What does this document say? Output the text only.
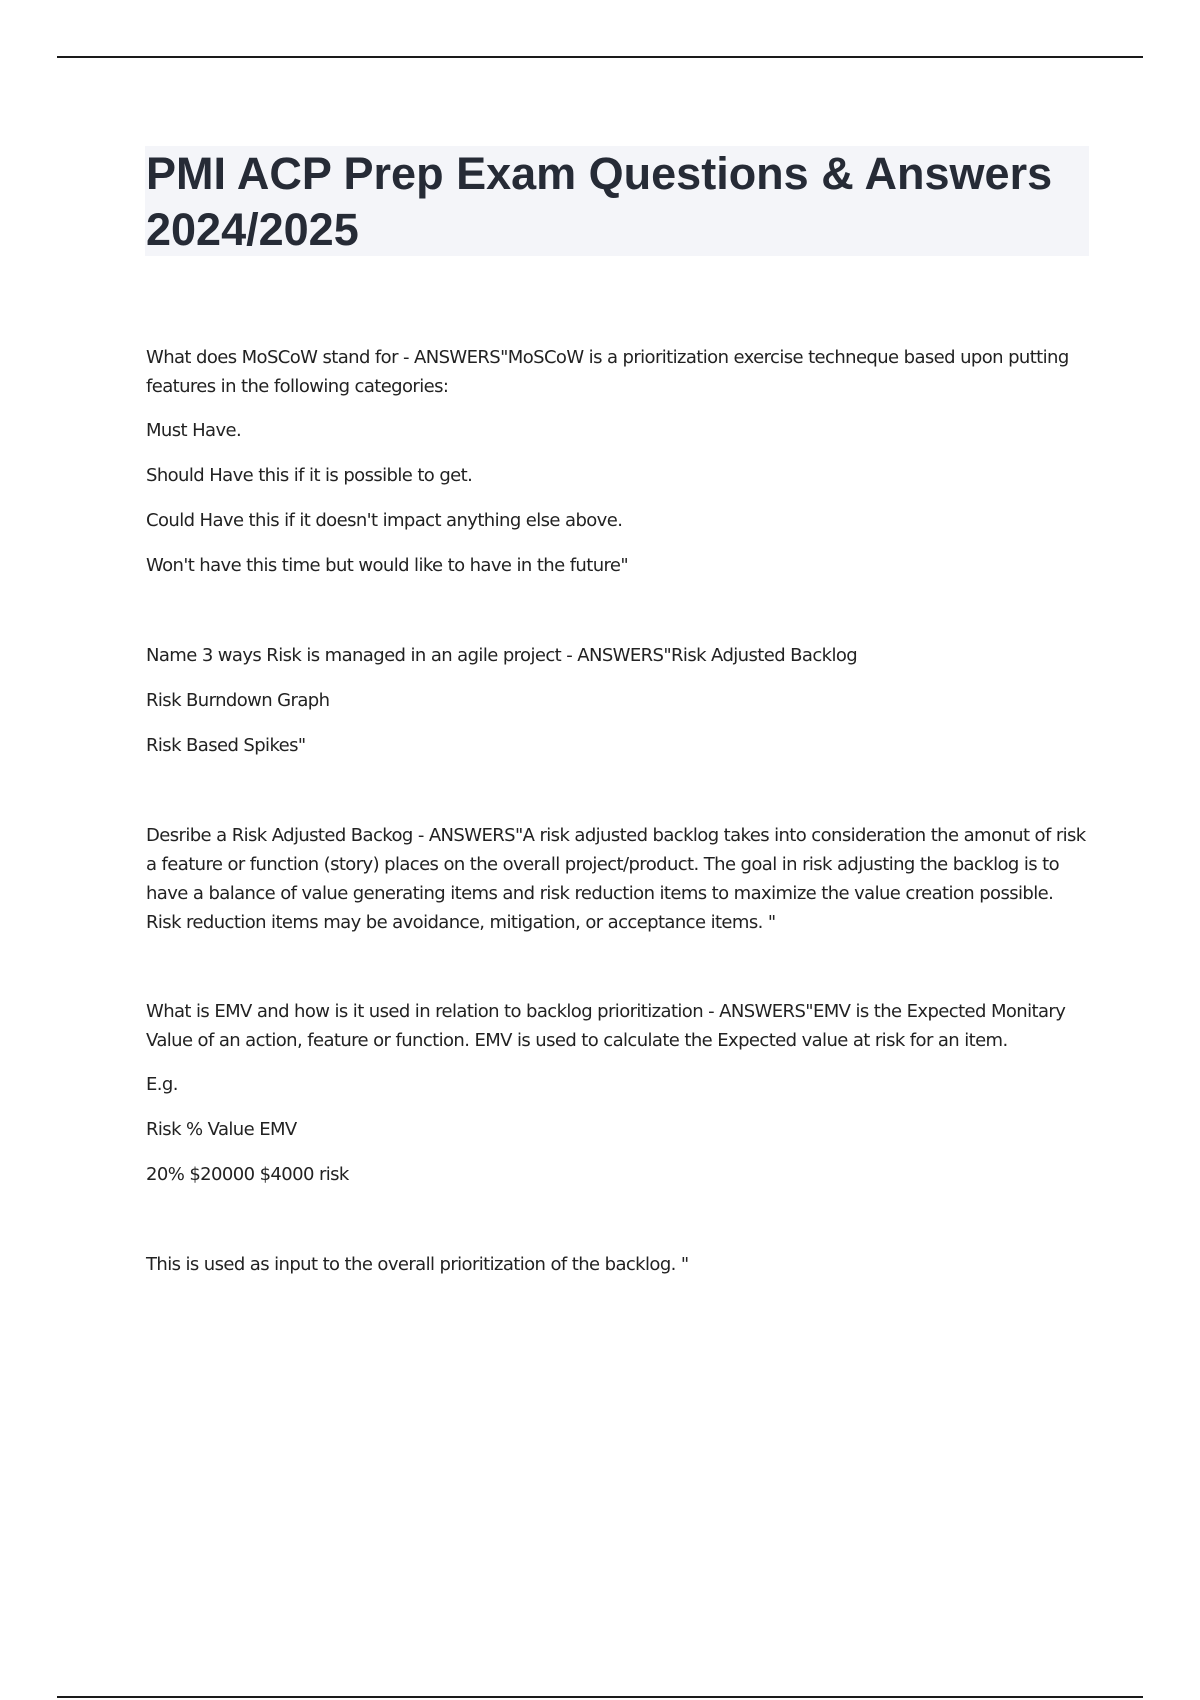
PMI ACP Prep Exam Questions & Answers 2024/2025

What does MoSCoW stand for - ANSWERS"MoSCoW is a prioritization exercise techneque based upon putting features in the following categories:

Must Have.

Should Have this if it is possible to get.

Could Have this if it doesn't impact anything else above.

Won't have this time but would like to have in the future"

Name 3 ways Risk is managed in an agile project - ANSWERS"Risk Adjusted Backlog

Risk Burndown Graph

Risk Based Spikes"

Desribe a Risk Adjusted Backog - ANSWERS"A risk adjusted backlog takes into consideration the amonut of risk a feature or function (story) places on the overall project/product. The goal in risk adjusting the backlog is to have a balance of value generating items and risk reduction items to maximize the value creation possible. Risk reduction items may be avoidance, mitigation, or acceptance items. "

What is EMV and how is it used in relation to backlog prioritization - ANSWERS"EMV is the Expected Monitary Value of an action, feature or function. EMV is used to calculate the Expected value at risk for an item.

E.g.

Risk % Value EMV

20% $20000 $4000 risk

This is used as input to the overall prioritization of the backlog. "
